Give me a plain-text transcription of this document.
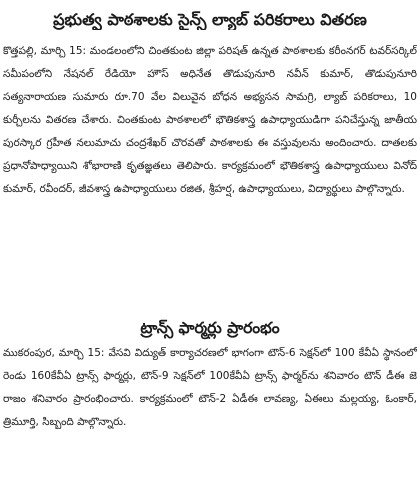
ప్రభుత్వ పాఠశాలకు సైన్స్ ల్యాబ్ పరికరాలు వితరణ

కొత్తపల్లి, మార్చి 15: మండలంలోని చింతకుంట జిల్లా పరిషత్ ఉన్నత పాఠశాలకు కరీంనగర్ టవర్‌సర్కిల్ సమీపంలోని నేషనల్ రేడియో హౌస్ అధినేత తొడుపునూరి నవీన్ కుమార్, తొడుపునూరి సత్యనారాయణ సుమారు రూ.70 వేల విలువైన బోధన అభ్యసన సామగ్రి, ల్యాబ్ పరికరాలు, 10 కుర్చీలను వితరణ చేశారు. చింతకుంట పాఠశాలలో భౌతికశాస్త్ర ఉపాధ్యాయుడిగా పనిచేస్తున్న జాతీయ పురస్కార గ్రహీత నలుమాచు చంద్రశేఖర్ చొరవతో పాఠశాలకు ఈ వస్తువులను అందించారు. దాతలకు ప్రధానోపాధ్యాయిని శోభారాణి కృతజ్ఞతలు తెలిపారు. కార్యక్రమంలో భౌతికశాస్త్ర ఉపాధ్యాయులు వినోద్ కుమార్, రవీందర్, జీవశాస్త్ర ఉపాధ్యాయులు రజిత, శ్రీహర్ష, ఉపాధ్యాయులు, విద్యార్థులు పాల్గొన్నారు.

ట్రాన్స్ ఫార్మర్లు ప్రారంభం

ముకరంపుర, మార్చి 15: వేసవి విద్యుత్ కార్యాచరణలో భాగంగా టౌన్-6 సెక్షన్‌లో 100 కేవీఏ స్థానంలో రెండు 160కేవీఏ ట్రాన్స్ ఫార్మర్లు, టౌన్-9 సెక్షన్‌లో 100కేవీఏ ట్రాన్స్ ఫార్మర్‌ను శనివారం టౌన్ డీఈ జె రాజం శనివారం ప్రారంభించారు. కార్యక్రమంలో టౌన్-2 ఏడీఈ లావణ్య, ఏఈలు మల్లయ్య, ఓంకార్, త్రిమూర్తి, సిబ్బంది పాల్గొన్నారు.
